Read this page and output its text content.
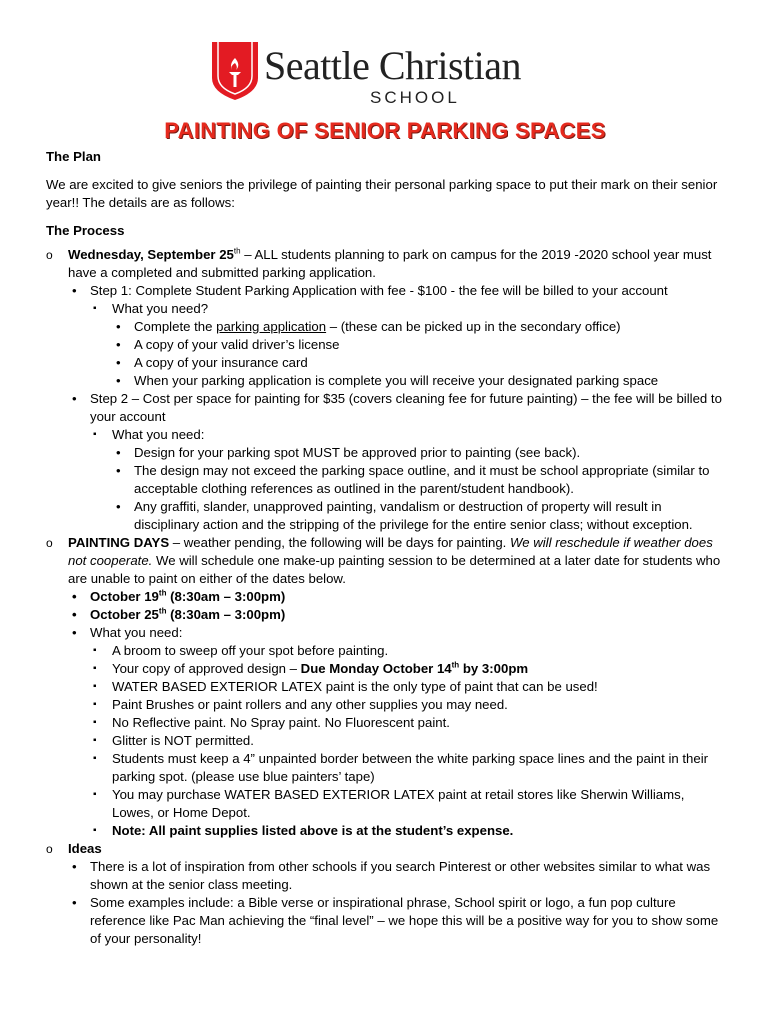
Seattle Christian
SCHOOL
PAINTING OF SENIOR PARKING SPACES

The Plan

We are excited to give seniors the privilege of painting their personal parking space to put their mark on their senior year!! The details are as follows:

The Process

o Wednesday, September 25th – ALL students planning to park on campus for the 2019 -2020 school year must have a completed and submitted parking application.
• Step 1: Complete Student Parking Application with fee - $100 - the fee will be billed to your account
▪ What you need?
• Complete the parking application – (these can be picked up in the secondary office)
• A copy of your valid driver’s license
• A copy of your insurance card
• When your parking application is complete you will receive your designated parking space
• Step 2 – Cost per space for painting for $35 (covers cleaning fee for future painting) – the fee will be billed to your account
▪ What you need:
• Design for your parking spot MUST be approved prior to painting (see back).
• The design may not exceed the parking space outline, and it must be school appropriate (similar to acceptable clothing references as outlined in the parent/student handbook).
• Any graffiti, slander, unapproved painting, vandalism or destruction of property will result in disciplinary action and the stripping of the privilege for the entire senior class; without exception.
o PAINTING DAYS – weather pending, the following will be days for painting. We will reschedule if weather does not cooperate. We will schedule one make-up painting session to be determined at a later date for students who are unable to paint on either of the dates below.
• October 19th (8:30am – 3:00pm)
• October 25th (8:30am – 3:00pm)
• What you need:
▪ A broom to sweep off your spot before painting.
▪ Your copy of approved design – Due Monday October 14th by 3:00pm
▪ WATER BASED EXTERIOR LATEX paint is the only type of paint that can be used!
▪ Paint Brushes or paint rollers and any other supplies you may need.
▪ No Reflective paint. No Spray paint. No Fluorescent paint.
▪ Glitter is NOT permitted.
▪ Students must keep a 4” unpainted border between the white parking space lines and the paint in their parking spot. (please use blue painters’ tape)
▪ You may purchase WATER BASED EXTERIOR LATEX paint at retail stores like Sherwin Williams, Lowes, or Home Depot.
▪ Note: All paint supplies listed above is at the student’s expense.
o Ideas
• There is a lot of inspiration from other schools if you search Pinterest or other websites similar to what was shown at the senior class meeting.
• Some examples include: a Bible verse or inspirational phrase, School spirit or logo, a fun pop culture reference like Pac Man achieving the “final level” – we hope this will be a positive way for you to show some of your personality!
